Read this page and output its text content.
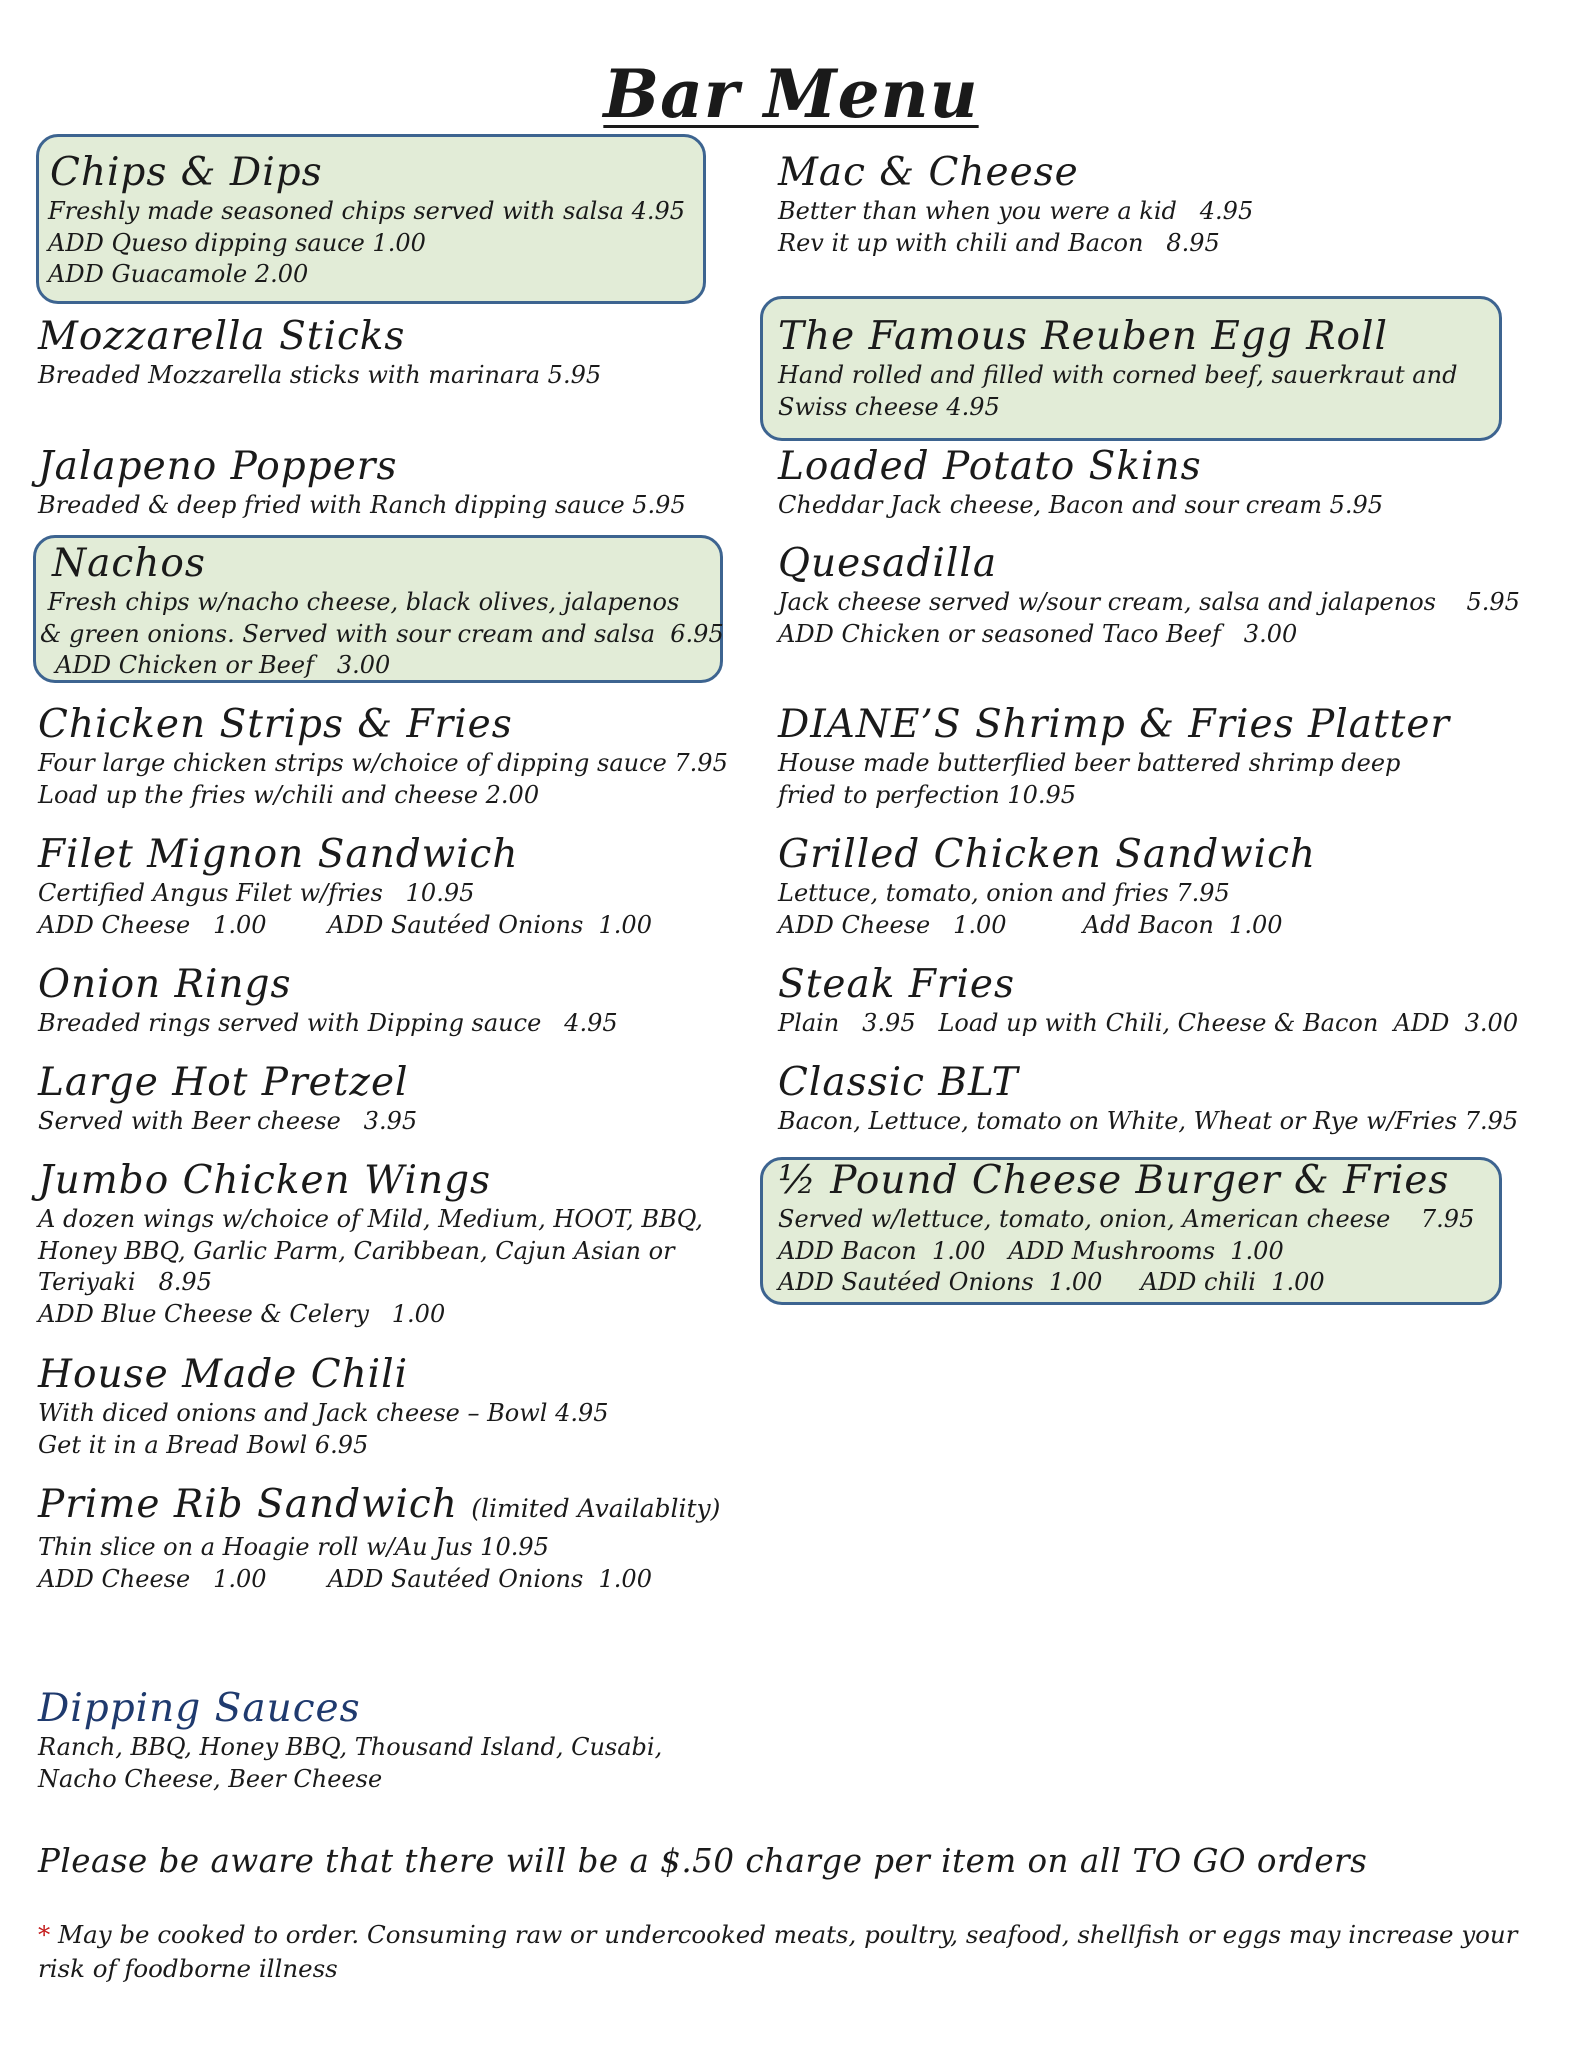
Bar Menu
Chips & Dips
Freshly made seasoned chips served with salsa 4.95
ADD Queso dipping sauce 1.00
ADD Guacamole 2.00
Mozzarella Sticks
Breaded Mozzarella sticks with marinara 5.95
Jalapeno Poppers
Breaded & deep fried with Ranch dipping sauce 5.95
Nachos
Fresh chips w/nacho cheese, black olives, jalapenos
& green onions. Served with sour cream and salsa  6.95
ADD Chicken or Beef   3.00
Chicken Strips & Fries
Four large chicken strips w/choice of dipping sauce 7.95
Load up the fries w/chili and cheese 2.00
Filet Mignon Sandwich
Certified Angus Filet w/fries   10.95
ADD Cheese   1.00        ADD Sautéed Onions  1.00
Onion Rings
Breaded rings served with Dipping sauce   4.95
Large Hot Pretzel
Served with Beer cheese   3.95
Jumbo Chicken Wings
A dozen wings w/choice of Mild, Medium, HOOT, BBQ,
Honey BBQ, Garlic Parm, Caribbean, Cajun Asian or
Teriyaki   8.95
ADD Blue Cheese & Celery   1.00
House Made Chili
With diced onions and Jack cheese – Bowl 4.95
Get it in a Bread Bowl 6.95
Prime Rib Sandwich (limited Availablity)
Thin slice on a Hoagie roll w/Au Jus 10.95
ADD Cheese   1.00        ADD Sautéed Onions  1.00
Mac & Cheese
Better than when you were a kid   4.95
Rev it up with chili and Bacon   8.95
The Famous Reuben Egg Roll
Hand rolled and filled with corned beef, sauerkraut and
Swiss cheese 4.95
Loaded Potato Skins
Cheddar Jack cheese, Bacon and sour cream 5.95
Quesadilla
Jack cheese served w/sour cream, salsa and jalapenos    5.95
ADD Chicken or seasoned Taco Beef   3.00
DIANE’S Shrimp & Fries Platter
House made butterflied beer battered shrimp deep
fried to perfection 10.95
Grilled Chicken Sandwich
Lettuce, tomato, onion and fries 7.95
ADD Cheese   1.00          Add Bacon  1.00
Steak Fries
Plain   3.95   Load up with Chili, Cheese & Bacon  ADD  3.00
Classic BLT
Bacon, Lettuce, tomato on White, Wheat or Rye w/Fries 7.95
½ Pound Cheese Burger & Fries
Served w/lettuce, tomato, onion, American cheese    7.95
ADD Bacon  1.00   ADD Mushrooms  1.00
ADD Sautéed Onions  1.00     ADD chili  1.00
Dipping Sauces
Ranch, BBQ, Honey BBQ, Thousand Island, Cusabi,
Nacho Cheese, Beer Cheese
Please be aware that there will be a $.50 charge per item on all TO GO orders
* May be cooked to order. Consuming raw or undercooked meats, poultry, seafood, shellfish or eggs may increase your risk of foodborne illness
